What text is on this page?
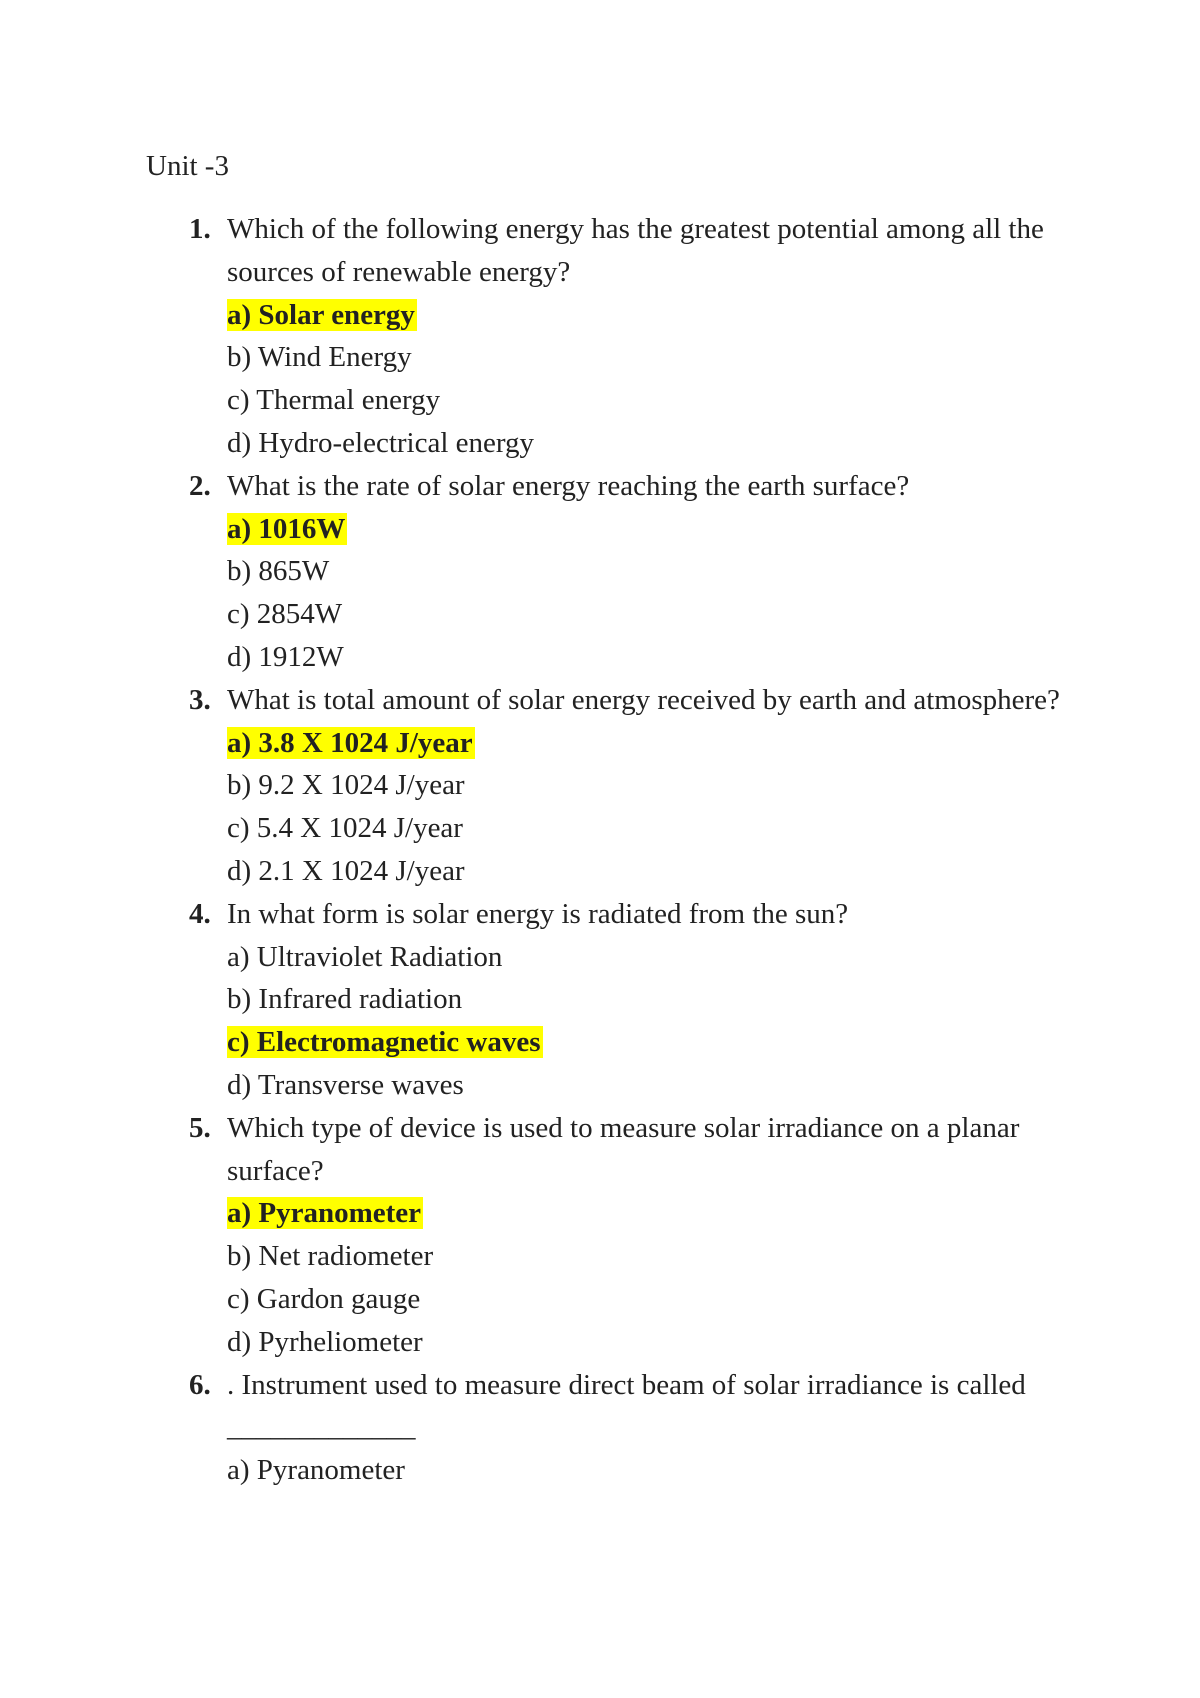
Unit -3
1. Which of the following energy has the greatest potential among all the sources of renewable energy?
a) Solar energy
b) Wind Energy
c) Thermal energy
d) Hydro-electrical energy
2. What is the rate of solar energy reaching the earth surface?
a) 1016W
b) 865W
c) 2854W
d) 1912W
3. What is total amount of solar energy received by earth and atmosphere?
a) 3.8 X 1024 J/year
b) 9.2 X 1024 J/year
c) 5.4 X 1024 J/year
d) 2.1 X 1024 J/year
4. In what form is solar energy is radiated from the sun?
a) Ultraviolet Radiation
b) Infrared radiation
c) Electromagnetic waves
d) Transverse waves
5. Which type of device is used to measure solar irradiance on a planar surface?
a) Pyranometer
b) Net radiometer
c) Gardon gauge
d) Pyrheliometer
6. . Instrument used to measure direct beam of solar irradiance is called _____________
a) Pyranometer
